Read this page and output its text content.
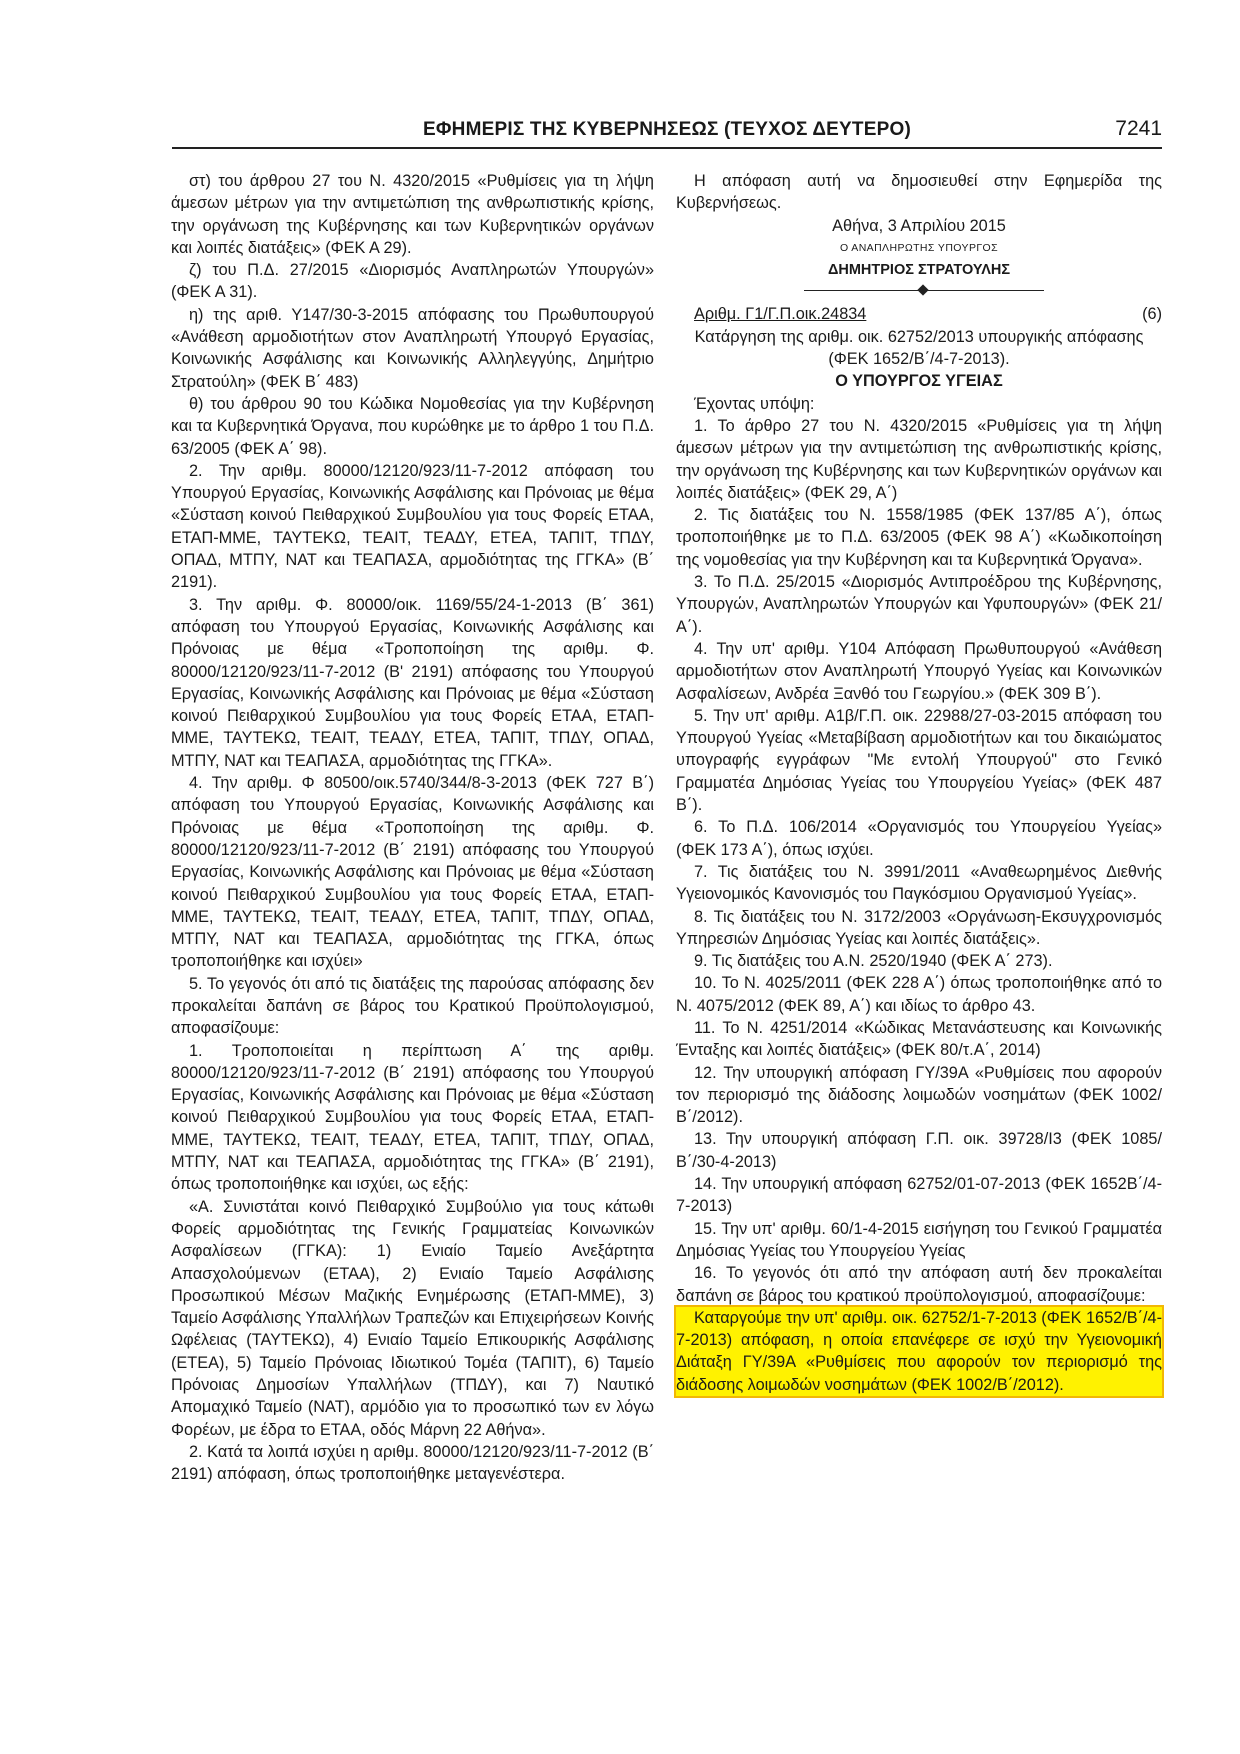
ΕΦΗΜΕΡΙΣ ΤΗΣ ΚΥΒΕΡΝΗΣΕΩΣ (ΤΕΥΧΟΣ ΔΕΥΤΕΡΟ)	7241

στ) του άρθρου 27 του Ν. 4320/2015 «Ρυθμίσεις για τη λήψη άμεσων μέτρων για την αντιμετώπιση της ανθρωπιστικής κρίσης, την οργάνωση της Κυβέρνησης και των Κυβερνητικών οργάνων και λοιπές διατάξεις» (ΦΕΚ Α 29).

ζ) του Π.Δ. 27/2015 «Διορισμός Αναπληρωτών Υπουργών» (ΦΕΚ Α 31).

η) της αριθ. Υ147/30-3-2015 απόφασης του Πρωθυπουργού «Ανάθεση αρμοδιοτήτων στον Αναπληρωτή Υπουργό Εργασίας, Κοινωνικής Ασφάλισης και Κοινωνικής Αλληλεγγύης, Δημήτριο Στρατούλη» (ΦΕΚ Β΄ 483)

θ) του άρθρου 90 του Κώδικα Νομοθεσίας για την Κυβέρνηση και τα Κυβερνητικά Όργανα, που κυρώθηκε με το άρθρο 1 του Π.Δ. 63/2005 (ΦΕΚ Α΄ 98).

2. Την αριθμ. 80000/12120/923/11-7-2012 απόφαση του Υπουργού Εργασίας, Κοινωνικής Ασφάλισης και Πρόνοιας με θέμα «Σύσταση κοινού Πειθαρχικού Συμβουλίου για τους Φορείς ΕΤΑΑ, ΕΤΑΠ-ΜΜΕ, ΤΑΥΤΕΚΩ, ΤΕΑΙΤ, ΤΕΑΔΥ, ΕΤΕΑ, ΤΑΠΙΤ, ΤΠΔΥ, ΟΠΑΔ, ΜΤΠΥ, ΝΑΤ και ΤΕΑΠΑΣΑ, αρμοδιότητας της ΓΓΚΑ» (Β΄ 2191).

3. Την αριθμ. Φ. 80000/οικ. 1169/55/24-1-2013 (Β΄ 361) απόφαση του Υπουργού Εργασίας, Κοινωνικής Ασφάλισης και Πρόνοιας με θέμα «Τροποποίηση της αριθμ. Φ. 80000/12120/923/11-7-2012 (Β' 2191) απόφασης του Υπουργού Εργασίας, Κοινωνικής Ασφάλισης και Πρόνοιας με θέμα «Σύσταση κοινού Πειθαρχικού Συμβουλίου για τους Φορείς ΕΤΑΑ, ΕΤΑΠ-ΜΜΕ, ΤΑΥΤΕΚΩ, ΤΕΑΙΤ, ΤΕΑΔΥ, ΕΤΕΑ, ΤΑΠΙΤ, ΤΠΔΥ, ΟΠΑΔ, ΜΤΠΥ, ΝΑΤ και ΤΕΑΠΑΣΑ, αρμοδιότητας της ΓΓΚΑ».

4. Την αριθμ. Φ 80500/οικ.5740/344/8-3-2013 (ΦΕΚ 727 Β΄) απόφαση του Υπουργού Εργασίας, Κοινωνικής Ασφάλισης και Πρόνοιας με θέμα «Τροποποίηση της αριθμ. Φ. 80000/12120/923/11-7-2012 (Β΄ 2191) απόφασης του Υπουργού Εργασίας, Κοινωνικής Ασφάλισης και Πρόνοιας με θέμα «Σύσταση κοινού Πειθαρχικού Συμβουλίου για τους Φορείς ΕΤΑΑ, ΕΤΑΠ-ΜΜΕ, ΤΑΥΤΕΚΩ, ΤΕΑΙΤ, ΤΕΑΔΥ, ΕΤΕΑ, ΤΑΠΙΤ, ΤΠΔΥ, ΟΠΑΔ, ΜΤΠΥ, ΝΑΤ και ΤΕΑΠΑΣΑ, αρμοδιότητας της ΓΓΚΑ, όπως τροποποιήθηκε και ισχύει»

5. Το γεγονός ότι από τις διατάξεις της παρούσας απόφασης δεν προκαλείται δαπάνη σε βάρος του Κρατικού Προϋπολογισμού, αποφασίζουμε:

1. Τροποποιείται η περίπτωση Α΄ της αριθμ. 80000/12120/923/11-7-2012 (Β΄ 2191) απόφασης του Υπουργού Εργασίας, Κοινωνικής Ασφάλισης και Πρόνοιας με θέμα «Σύσταση κοινού Πειθαρχικού Συμβουλίου για τους Φορείς ΕΤΑΑ, ΕΤΑΠ-ΜΜΕ, ΤΑΥΤΕΚΩ, ΤΕΑΙΤ, ΤΕΑΔΥ, ΕΤΕΑ, ΤΑΠΙΤ, ΤΠΔΥ, ΟΠΑΔ, ΜΤΠΥ, ΝΑΤ και ΤΕΑΠΑΣΑ, αρμοδιότητας της ΓΓΚΑ» (Β΄ 2191), όπως τροποποιήθηκε και ισχύει, ως εξής:

«Α. Συνιστάται κοινό Πειθαρχικό Συμβούλιο για τους κάτωθι Φορείς αρμοδιότητας της Γενικής Γραμματείας Κοινωνικών Ασφαλίσεων (ΓΓΚΑ): 1) Ενιαίο Ταμείο Ανεξάρτητα Απασχολούμενων (ΕΤΑΑ), 2) Ενιαίο Ταμείο Ασφάλισης Προσωπικού Μέσων Μαζικής Ενημέρωσης (ΕΤΑΠ-ΜΜΕ), 3) Ταμείο Ασφάλισης Υπαλλήλων Τραπεζών και Επιχειρήσεων Κοινής Ωφέλειας (ΤΑΥΤΕΚΩ), 4) Ενιαίο Ταμείο Επικουρικής Ασφάλισης (ΕΤΕΑ), 5) Ταμείο Πρόνοιας Ιδιωτικού Τομέα (ΤΑΠΙΤ), 6) Ταμείο Πρόνοιας Δημοσίων Υπαλλήλων (ΤΠΔΥ), και 7) Ναυτικό Απομαχικό Ταμείο (ΝΑΤ), αρμόδιο για το προσωπικό των εν λόγω Φορέων, με έδρα το ΕΤΑΑ, οδός Μάρνη 22 Αθήνα».

2. Κατά τα λοιπά ισχύει η αριθμ. 80000/12120/923/11-7-2012 (Β΄ 2191) απόφαση, όπως τροποποιήθηκε μεταγενέστερα.

Η απόφαση αυτή να δημοσιευθεί στην Εφημερίδα της Κυβερνήσεως.

Αθήνα, 3 Απριλίου 2015

Ο ΑΝΑΠΛΗΡΩΤΗΣ ΥΠΟΥΡΓΟΣ

ΔΗΜΗΤΡΙΟΣ ΣΤΡΑΤΟΥΛΗΣ

Αριθμ. Γ1/Γ.Π.οικ.24834	(6)

Κατάργηση της αριθμ. οικ. 62752/2013 υπουργικής απόφασης (ΦΕΚ 1652/Β΄/4-7-2013).

Ο ΥΠΟΥΡΓΟΣ ΥΓΕΙΑΣ

Έχοντας υπόψη:

1. Το άρθρο 27 του Ν. 4320/2015 «Ρυθμίσεις για τη λήψη άμεσων μέτρων για την αντιμετώπιση της ανθρωπιστικής κρίσης, την οργάνωση της Κυβέρνησης και των Κυβερνητικών οργάνων και λοιπές διατάξεις» (ΦΕΚ 29, Α΄)

2. Τις διατάξεις του Ν. 1558/1985 (ΦΕΚ 137/85 Α΄), όπως τροποποιήθηκε με το Π.Δ. 63/2005 (ΦΕΚ 98 Α΄) «Κωδικοποίηση της νομοθεσίας για την Κυβέρνηση και τα Κυβερνητικά Όργανα».

3. Το Π.Δ. 25/2015 «Διορισμός Αντιπροέδρου της Κυβέρνησης, Υπουργών, Αναπληρωτών Υπουργών και Υφυπουργών» (ΦΕΚ 21/Α΄).

4. Την υπ' αριθμ. Υ104 Απόφαση Πρωθυπουργού «Ανάθεση αρμοδιοτήτων στον Αναπληρωτή Υπουργό Υγείας και Κοινωνικών Ασφαλίσεων, Ανδρέα Ξανθό του Γεωργίου.» (ΦΕΚ 309 Β΄).

5. Την υπ' αριθμ. Α1β/Γ.Π. οικ. 22988/27-03-2015 απόφαση του Υπουργού Υγείας «Μεταβίβαση αρμοδιοτήτων και του δικαιώματος υπογραφής εγγράφων "Με εντολή Υπουργού" στο Γενικό Γραμματέα Δημόσιας Υγείας του Υπουργείου Υγείας» (ΦΕΚ 487 Β΄).

6. Το Π.Δ. 106/2014 «Οργανισμός του Υπουργείου Υγείας» (ΦΕΚ 173 Α΄), όπως ισχύει.

7. Τις διατάξεις του Ν. 3991/2011 «Αναθεωρημένος Διεθνής Υγειονομικός Κανονισμός του Παγκόσμιου Οργανισμού Υγείας».

8. Τις διατάξεις του Ν. 3172/2003 «Οργάνωση-Εκσυγχρονισμός Υπηρεσιών Δημόσιας Υγείας και λοιπές διατάξεις».

9. Τις διατάξεις του Α.Ν. 2520/1940 (ΦΕΚ Α΄ 273).

10. Το Ν. 4025/2011 (ΦΕΚ 228 Α΄) όπως τροποποιήθηκε από το Ν. 4075/2012 (ΦΕΚ 89, Α΄) και ιδίως το άρθρο 43.

11. Το Ν. 4251/2014 «Κώδικας Μετανάστευσης και Κοινωνικής Ένταξης και λοιπές διατάξεις» (ΦΕΚ 80/τ.Α΄, 2014)

12. Την υπουργική απόφαση ΓΥ/39Α «Ρυθμίσεις που αφορούν τον περιορισμό της διάδοσης λοιμωδών νοσημάτων (ΦΕΚ 1002/Β΄/2012).

13. Την υπουργική απόφαση Γ.Π. οικ. 39728/Ι3 (ΦΕΚ 1085/Β΄/30-4-2013)

14. Την υπουργική απόφαση 62752/01-07-2013 (ΦΕΚ 1652Β΄/4-7-2013)

15. Την υπ' αριθμ. 60/1-4-2015 εισήγηση του Γενικού Γραμματέα Δημόσιας Υγείας του Υπουργείου Υγείας

16. Το γεγονός ότι από την απόφαση αυτή δεν προκαλείται δαπάνη σε βάρος του κρατικού προϋπολογισμού, αποφασίζουμε:

Καταργούμε την υπ' αριθμ. οικ. 62752/1-7-2013 (ΦΕΚ 1652/Β΄/4-7-2013) απόφαση, η οποία επανέφερε σε ισχύ την Υγειονομική Διάταξη ΓΥ/39Α «Ρυθμίσεις που αφορούν τον περιορισμό της διάδοσης λοιμωδών νοσημάτων (ΦΕΚ 1002/Β΄/2012).
